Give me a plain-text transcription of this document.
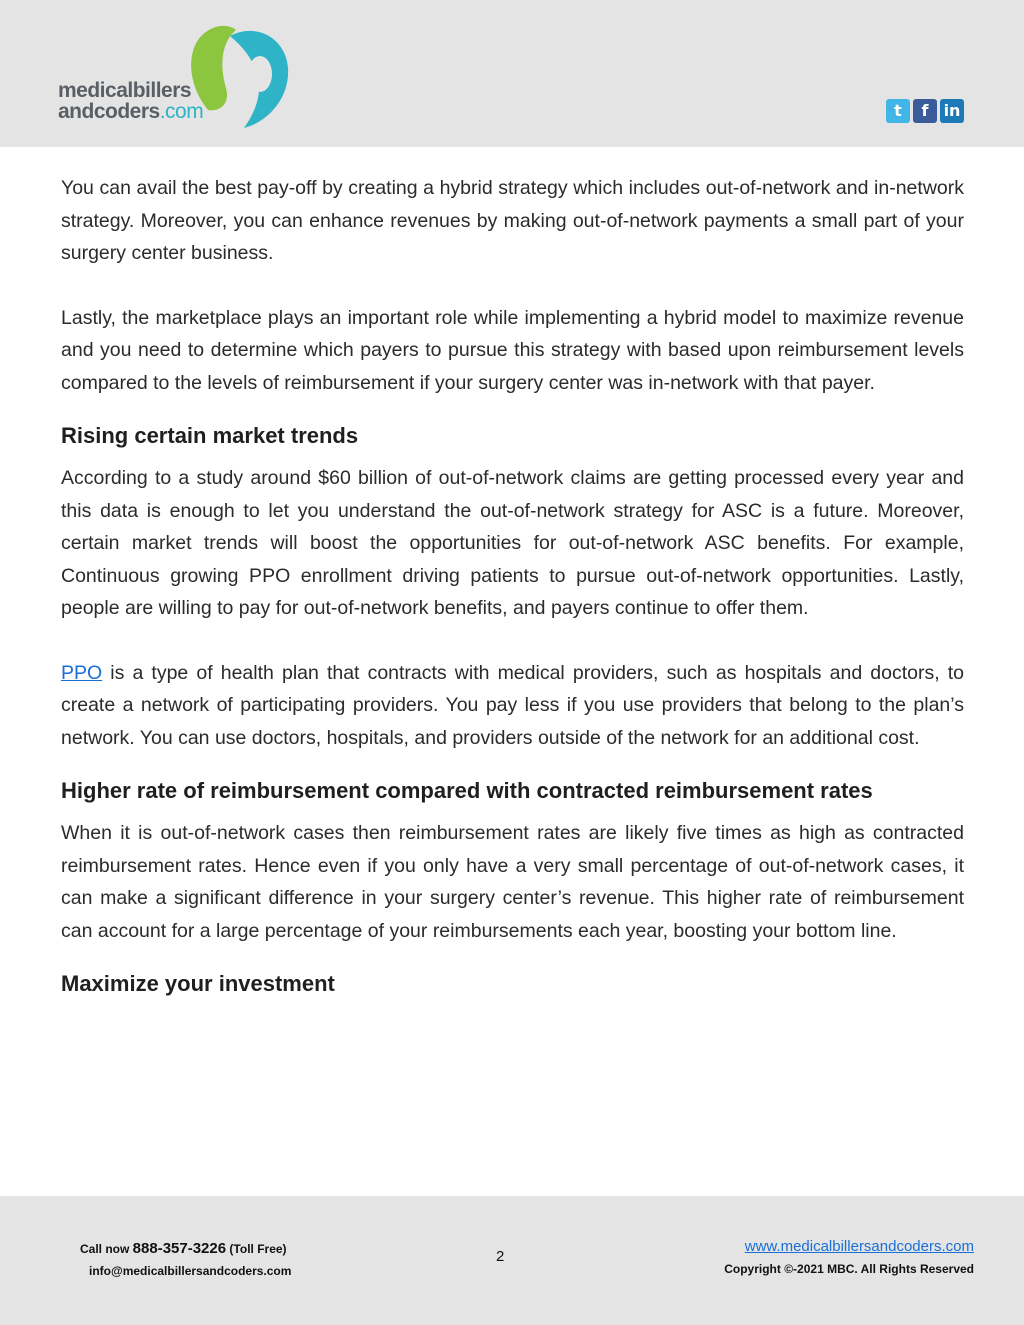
medicalbillers
andcoders.com	t	f in

You can avail the best pay-off by creating a hybrid strategy which includes out-of-network and in-network strategy. Moreover, you can enhance revenues by making out-of-network payments a small part of your surgery center business.

Lastly, the marketplace plays an important role while implementing a hybrid model to maximize revenue and you need to determine which payers to pursue this strategy with based upon reimbursement levels compared to the levels of reimbursement if your surgery center was in-network with that payer.

Rising certain market trends

According to a study around $60 billion of out-of-network claims are getting processed every year and this data is enough to let you understand the out-of-network strategy for ASC is a future. Moreover, certain market trends will boost the opportunities for out-of-network ASC benefits. For example, Continuous growing PPO enrollment driving patients to pursue out-of-network opportunities. Lastly, people are willing to pay for out-of-network benefits, and payers continue to offer them.

PPO is a type of health plan that contracts with medical providers, such as hospitals and doctors, to create a network of participating providers. You pay less if you use providers that belong to the plan’s network. You can use doctors, hospitals, and providers outside of the network for an additional cost.

Higher rate of reimbursement compared with contracted reimbursement rates

When it is out-of-network cases then reimbursement rates are likely five times as high as contracted reimbursement rates. Hence even if you only have a very small percentage of out-of-network cases, it can make a significant difference in your surgery center’s revenue. This higher rate of reimbursement can account for a large percentage of your reimbursements each year, boosting your bottom line.

Maximize your investment
Call now 888-357-3226 (Toll Free)
info@medicalbillersandcoders.com
2
www.medicalbillersandcoders.com
Copyright ©-2021 MBC. All Rights Reserved
